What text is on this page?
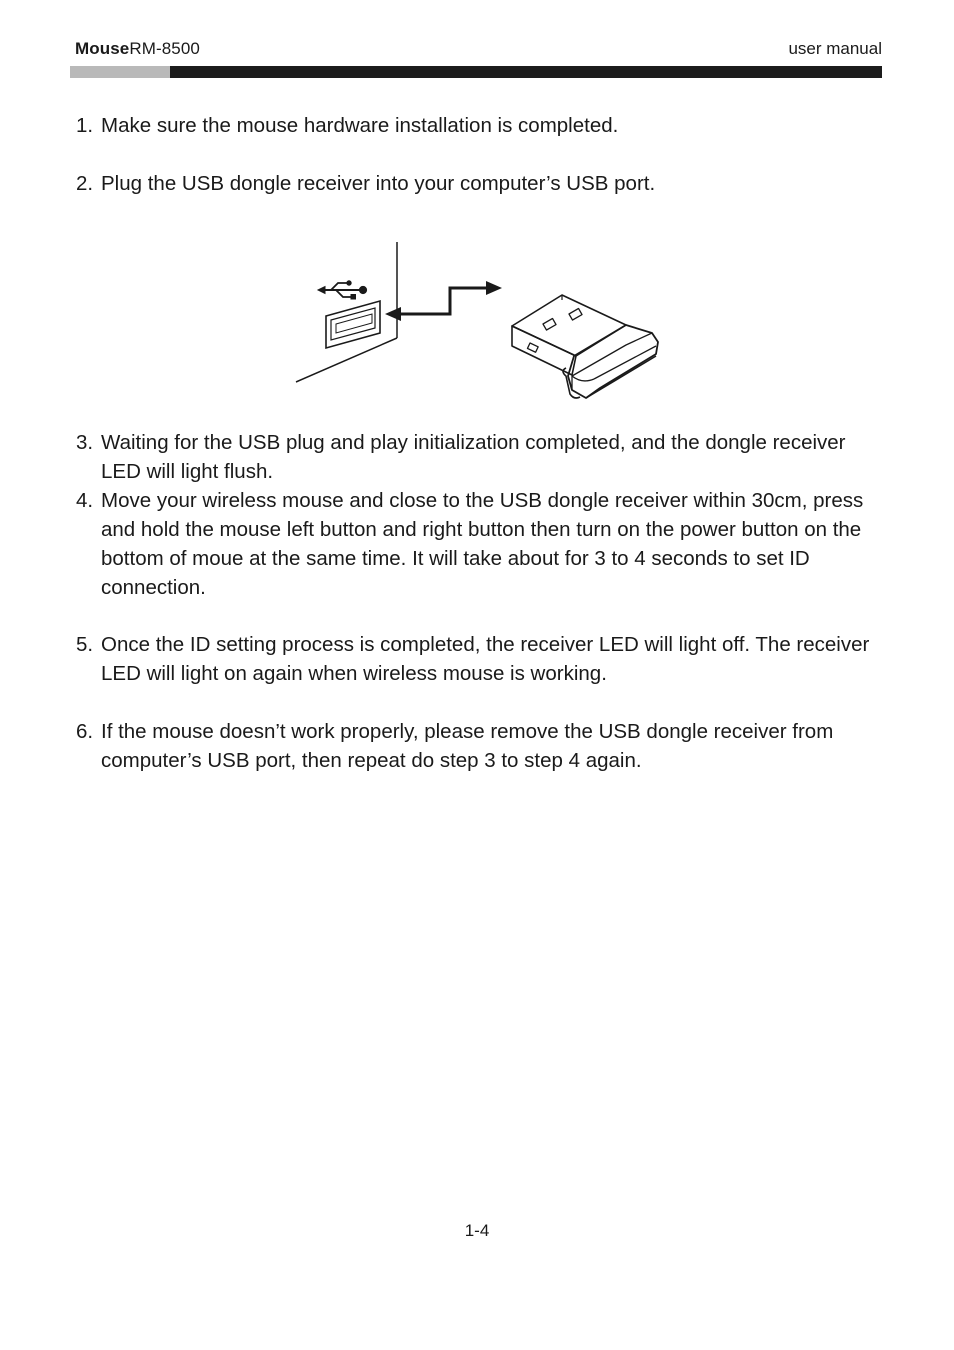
MouseRM-8500	user manual
1. Make sure the mouse hardware installation is completed.
2. Plug the USB dongle receiver into your computer’s USB port.
3. Waiting for the USB plug and play initialization completed, and the dongle receiver LED will light flush.
4. Move your wireless mouse and close to the USB dongle receiver within 30cm, press and hold the mouse left button and right button then turn on the power button on the bottom of moue at the same time. It will take about for 3 to 4 seconds to set ID connection.
5. Once the ID setting process is completed, the receiver LED will light off. The receiver LED will light on again when wireless mouse is working.
6. If the mouse doesn’t work properly, please remove the USB dongle receiver from computer’s USB port, then repeat do step 3 to step 4 again.
1-4
